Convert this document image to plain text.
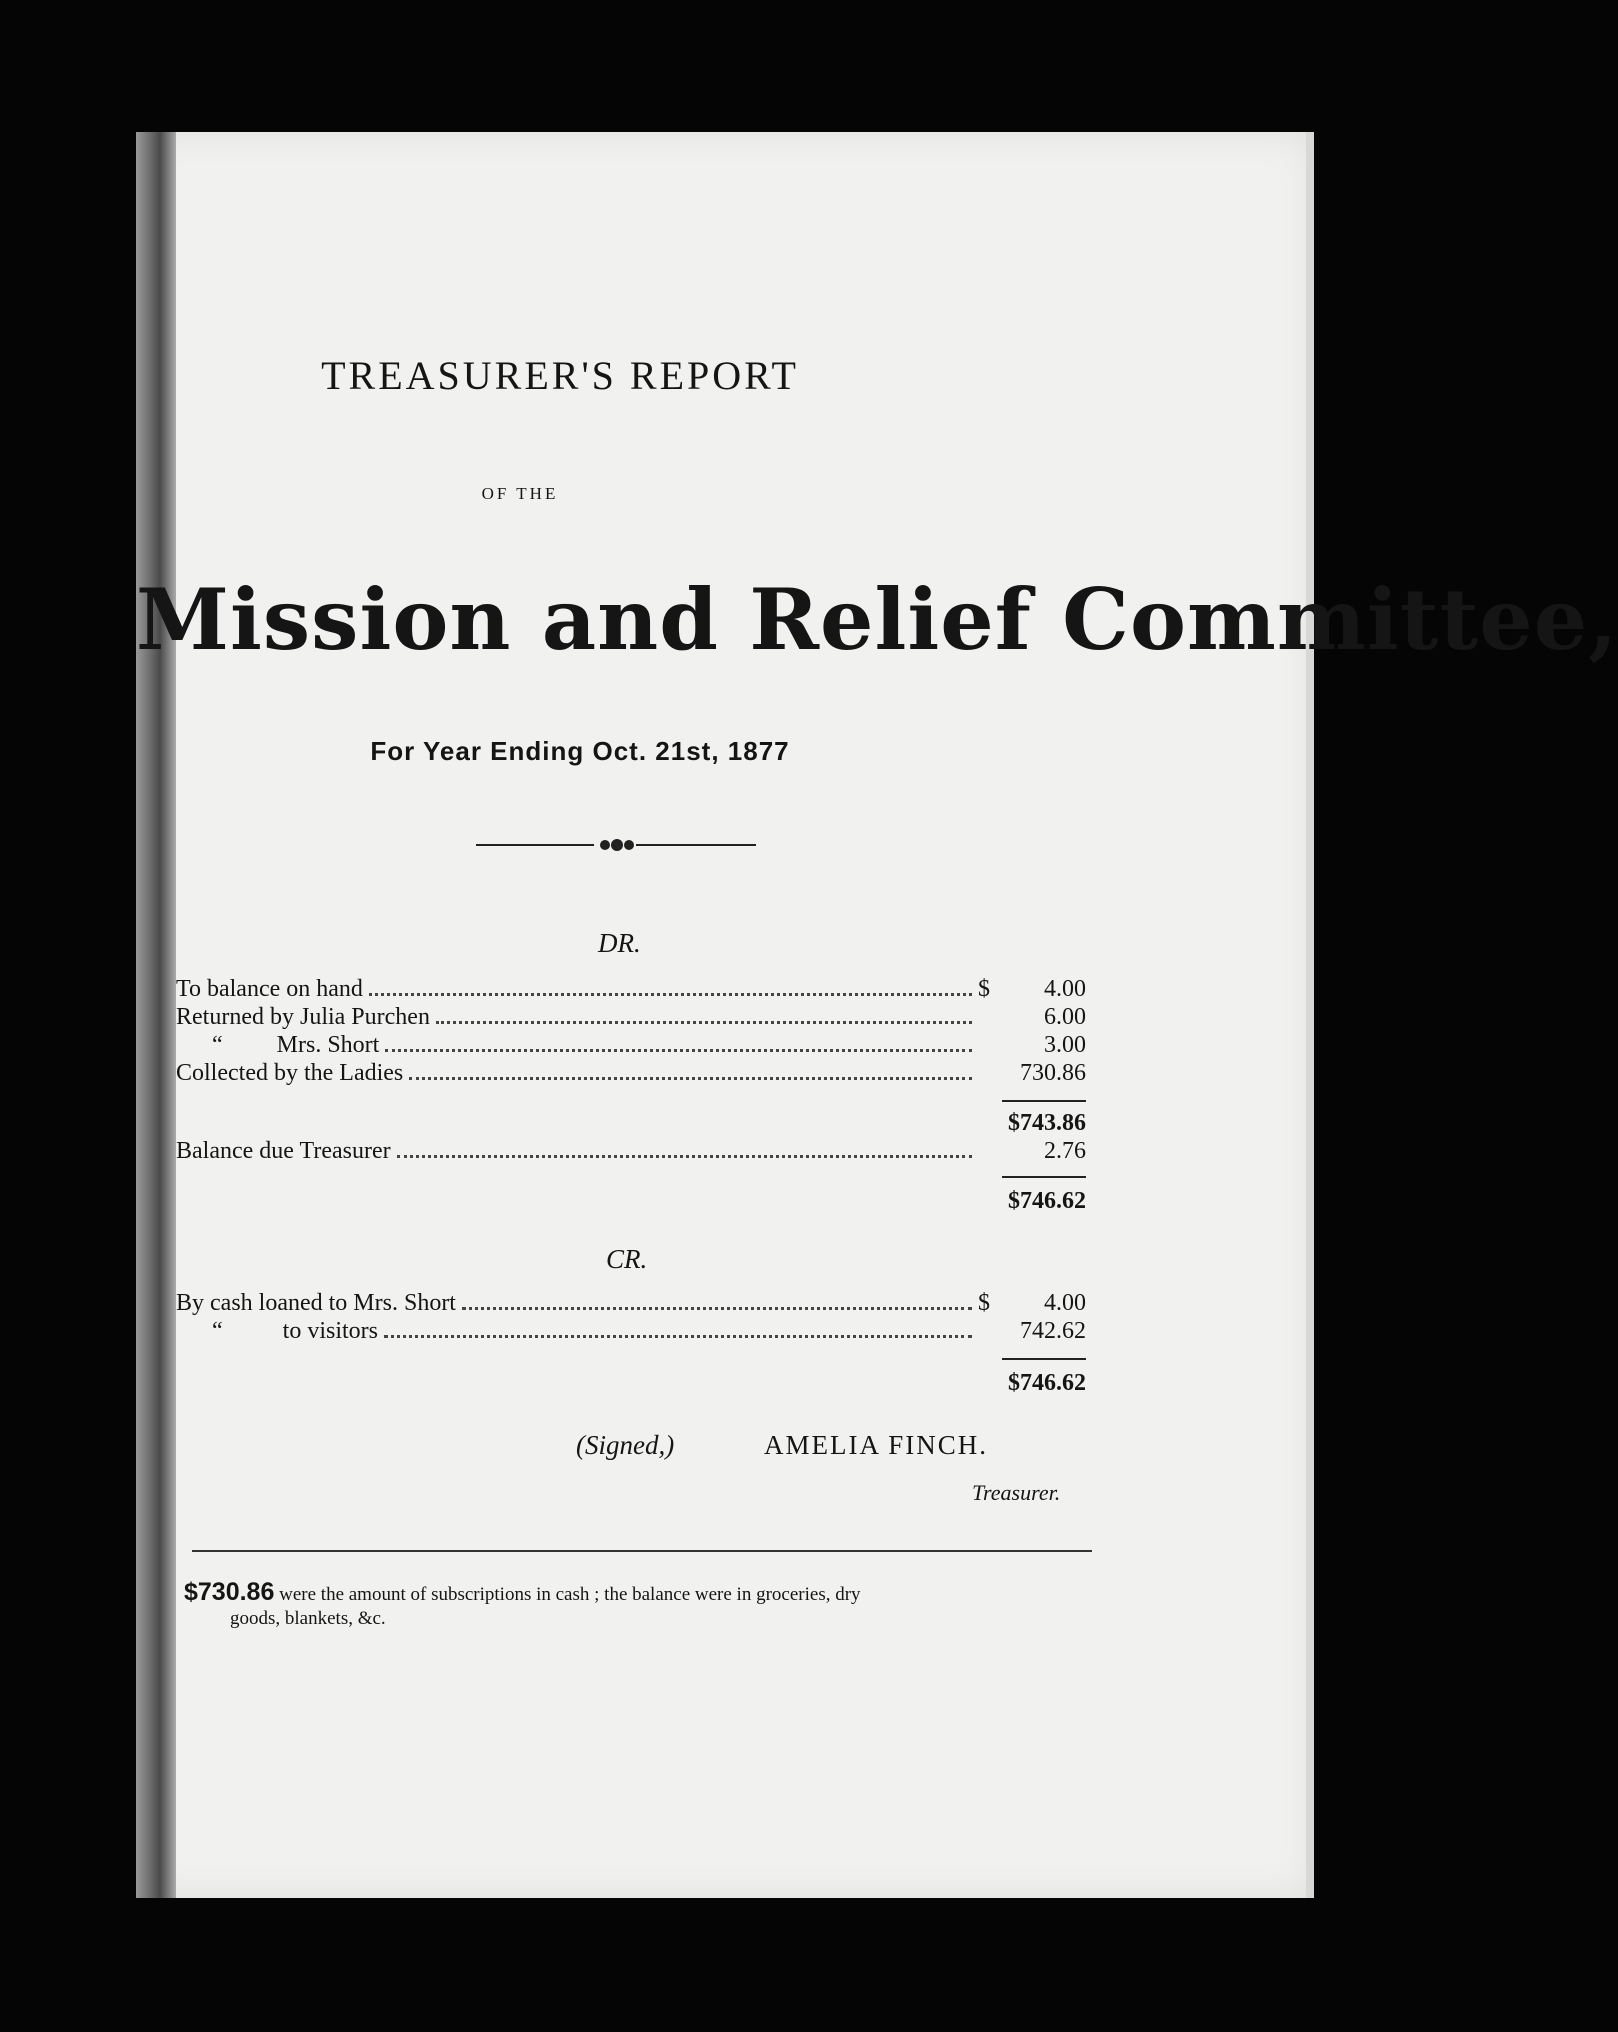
TREASURER'S REPORT
OF THE
Mission and Relief Committee,
For Year Ending Oct. 21st, 1877
DR.
To balance on hand	$	4.00
Returned by Julia Purchen	6.00
“         Mrs. Short	3.00
Collected by the Ladies	730.86
$743.86
Balance due Treasurer	2.76
$746.62
CR.
By cash loaned to Mrs. Short	$	4.00
“          to visitors	742.62
$746.62
(Signed,)	AMELIA FINCH.
Treasurer.
$730.86 were the amount of subscriptions in cash ; the balance were in groceries, dry
goods, blankets, &c.
